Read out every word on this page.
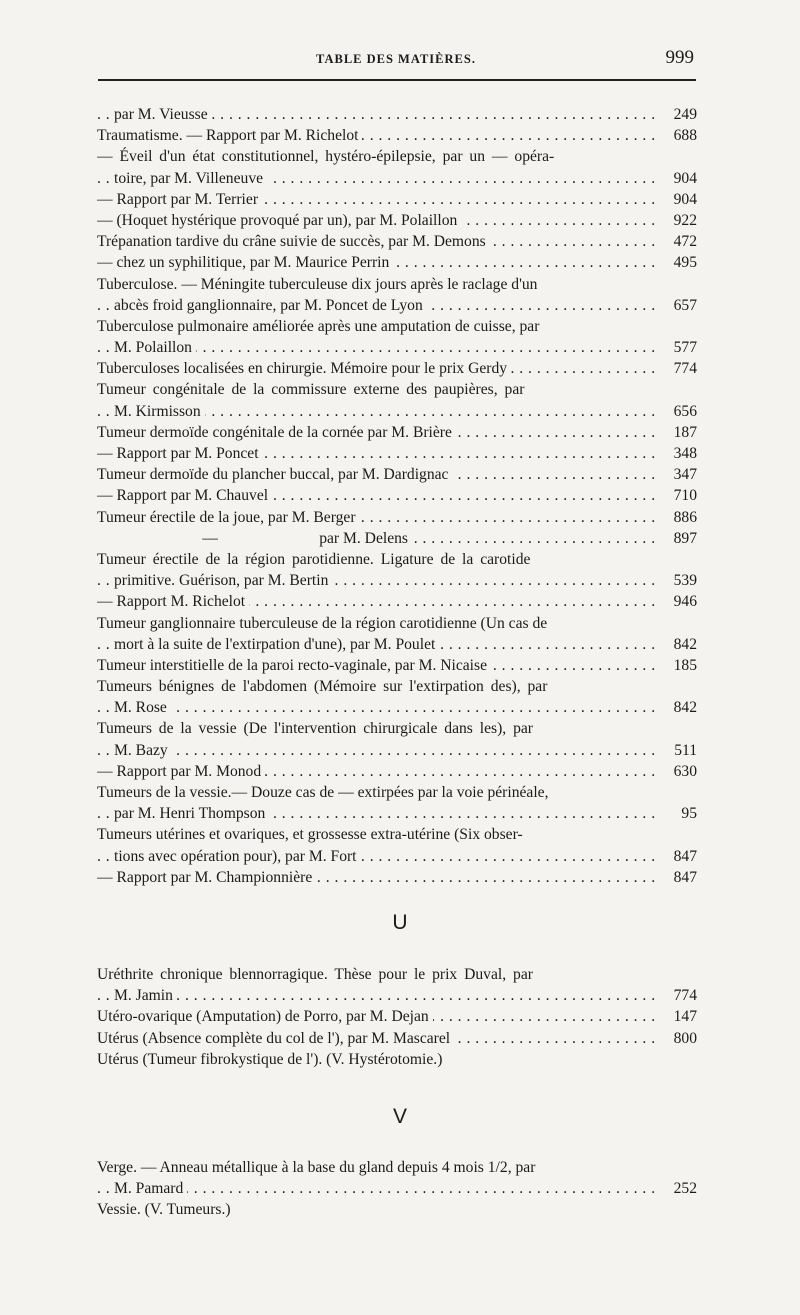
TABLE DES MATIÈRES.	999
par M. Vieusse	249
. . .
Traumatisme. — Rapport par M. Richelot	688
. . .
— Éveil d'un état constitutionnel, hystéro-épilepsie, par un — opéra-
toire, par M. Villeneuve	904
. . .
— Rapport par M. Terrier	904
. . .
— (Hoquet hystérique provoqué par un), par M. Polaillon	922
. . .
Trépanation tardive du crâne suivie de succès, par M. Demons	472
. . .
— chez un syphilitique, par M. Maurice Perrin	495
. . .
Tuberculose. — Méningite tuberculeuse dix jours après le raclage d'un
abcès froid ganglionnaire, par M. Poncet de Lyon	657
. . .
Tuberculose pulmonaire améliorée après une amputation de cuisse, par
M. Polaillon	577
. . .
Tuberculoses localisées en chirurgie. Mémoire pour le prix Gerdy	774
. . .
Tumeur congénitale de la commissure externe des paupières, par
M. Kirmisson	656
. . .
Tumeur dermoïde congénitale de la cornée par M. Brière	187
. . .
— Rapport par M. Poncet	348
. . .
Tumeur dermoïde du plancher buccal, par M. Dardignac	347
. . .
— Rapport par M. Chauvel	710
. . .
Tumeur érectile de la joue, par M. Berger	886
. . .
—                          par M. Delens	897
. . .
Tumeur érectile de la région parotidienne. Ligature de la carotide
primitive. Guérison, par M. Bertin	539
. . .
— Rapport M. Richelot	946
. . .
Tumeur ganglionnaire tuberculeuse de la région carotidienne (Un cas de
mort à la suite de l'extirpation d'une), par M. Poulet	842
. . .
Tumeur interstitielle de la paroi recto-vaginale, par M. Nicaise	185
. . .
Tumeurs bénignes de l'abdomen (Mémoire sur l'extirpation des), par
M. Rose	842
. . .
Tumeurs de la vessie (De l'intervention chirurgicale dans les), par
M. Bazy	511
. . .
— Rapport par M. Monod	630
. . .
Tumeurs de la vessie.— Douze cas de — extirpées par la voie périnéale,
par M. Henri Thompson	95
. . .
Tumeurs utérines et ovariques, et grossesse extra-utérine (Six obser-
tions avec opération pour), par M. Fort	847
. . .
— Rapport par M. Championnière	847
. . .
U
Uréthrite chronique blennorragique. Thèse pour le prix Duval, par
M. Jamin	774
. . .
Utéro-ovarique (Amputation) de Porro, par M. Dejan	147
. . .
Utérus (Absence complète du col de l'), par M. Mascarel	800
. . .
Utérus (Tumeur fibrokystique de l'). (V. Hystérotomie.)
V
Verge. — Anneau métallique à la base du gland depuis 4 mois 1/2, par
M. Pamard	252
. . .
Vessie. (V. Tumeurs.)
